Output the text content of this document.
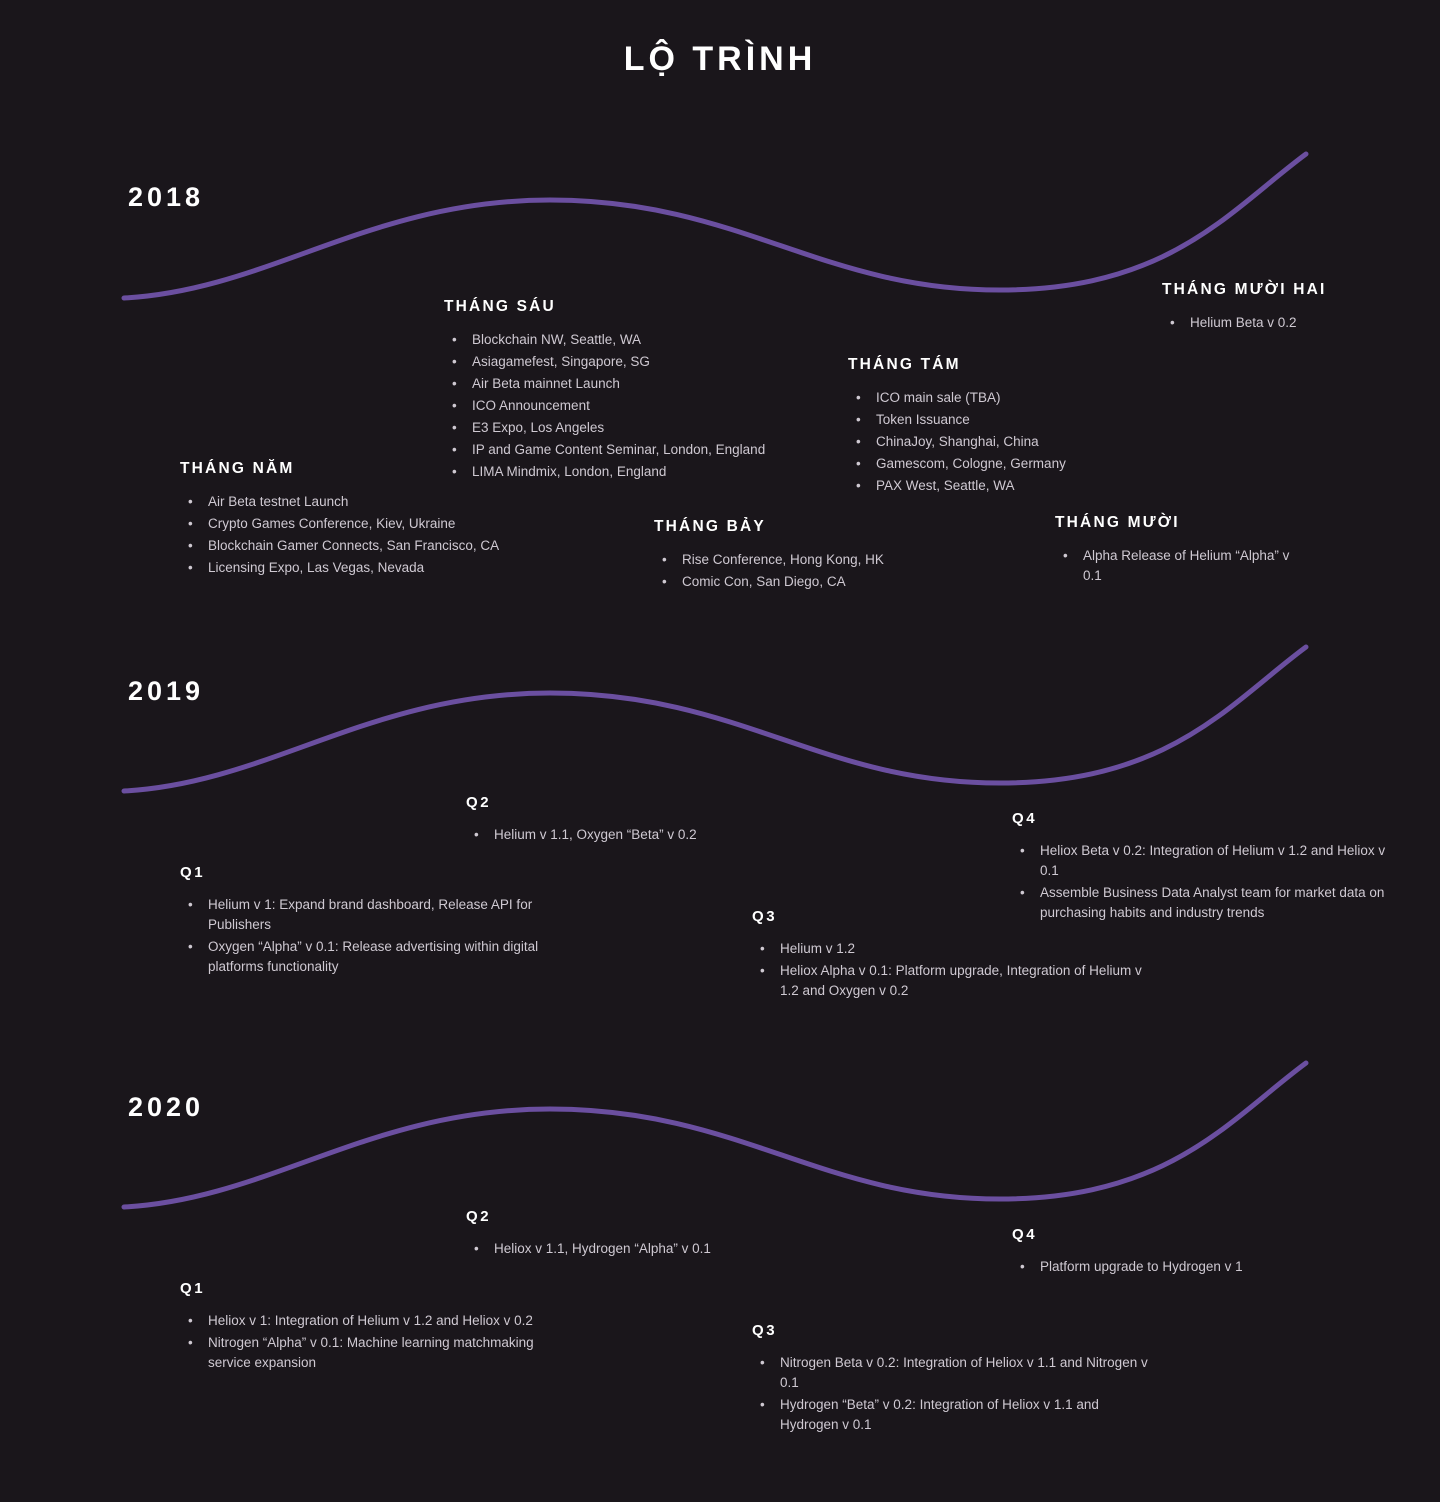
LỘ TRÌNH
2018
THÁNG NĂM
• Air Beta testnet Launch
• Crypto Games Conference, Kiev, Ukraine
• Blockchain Gamer Connects, San Francisco, CA
• Licensing Expo, Las Vegas, Nevada
THÁNG SÁU
• Blockchain NW, Seattle, WA
• Asiagamefest, Singapore, SG
• Air Beta mainnet Launch
• ICO Announcement
• E3 Expo, Los Angeles
• IP and Game Content Seminar, London, England
• LIMA Mindmix, London, England
THÁNG BẢY
• Rise Conference, Hong Kong, HK
• Comic Con, San Diego, CA
THÁNG TÁM
• ICO main sale (TBA)
• Token Issuance
• ChinaJoy, Shanghai, China
• Gamescom, Cologne, Germany
• PAX West, Seattle, WA
THÁNG MƯỜI
• Alpha Release of Helium “Alpha” v 0.1
THÁNG MƯỜI HAI
• Helium Beta v 0.2
2019
Q1
• Helium v 1: Expand brand dashboard, Release API for Publishers
• Oxygen “Alpha” v 0.1: Release advertising within digital platforms functionality
Q2
• Helium v 1.1, Oxygen “Beta” v 0.2
Q3
• Helium v 1.2
• Heliox Alpha v 0.1: Platform upgrade, Integration of Helium v 1.2 and Oxygen v 0.2
Q4
• Heliox Beta v 0.2: Integration of Helium v 1.2 and Heliox v 0.1
• Assemble Business Data Analyst team for market data on purchasing habits and industry trends
2020
Q1
• Heliox v 1: Integration of Helium v 1.2 and Heliox v 0.2
• Nitrogen “Alpha” v 0.1: Machine learning matchmaking service expansion
Q2
• Heliox v 1.1, Hydrogen “Alpha” v 0.1
Q3
• Nitrogen Beta v 0.2: Integration of Heliox v 1.1 and Nitrogen v 0.1
• Hydrogen “Beta” v 0.2: Integration of Heliox v 1.1 and Hydrogen v 0.1
Q4
• Platform upgrade to Hydrogen v 1
